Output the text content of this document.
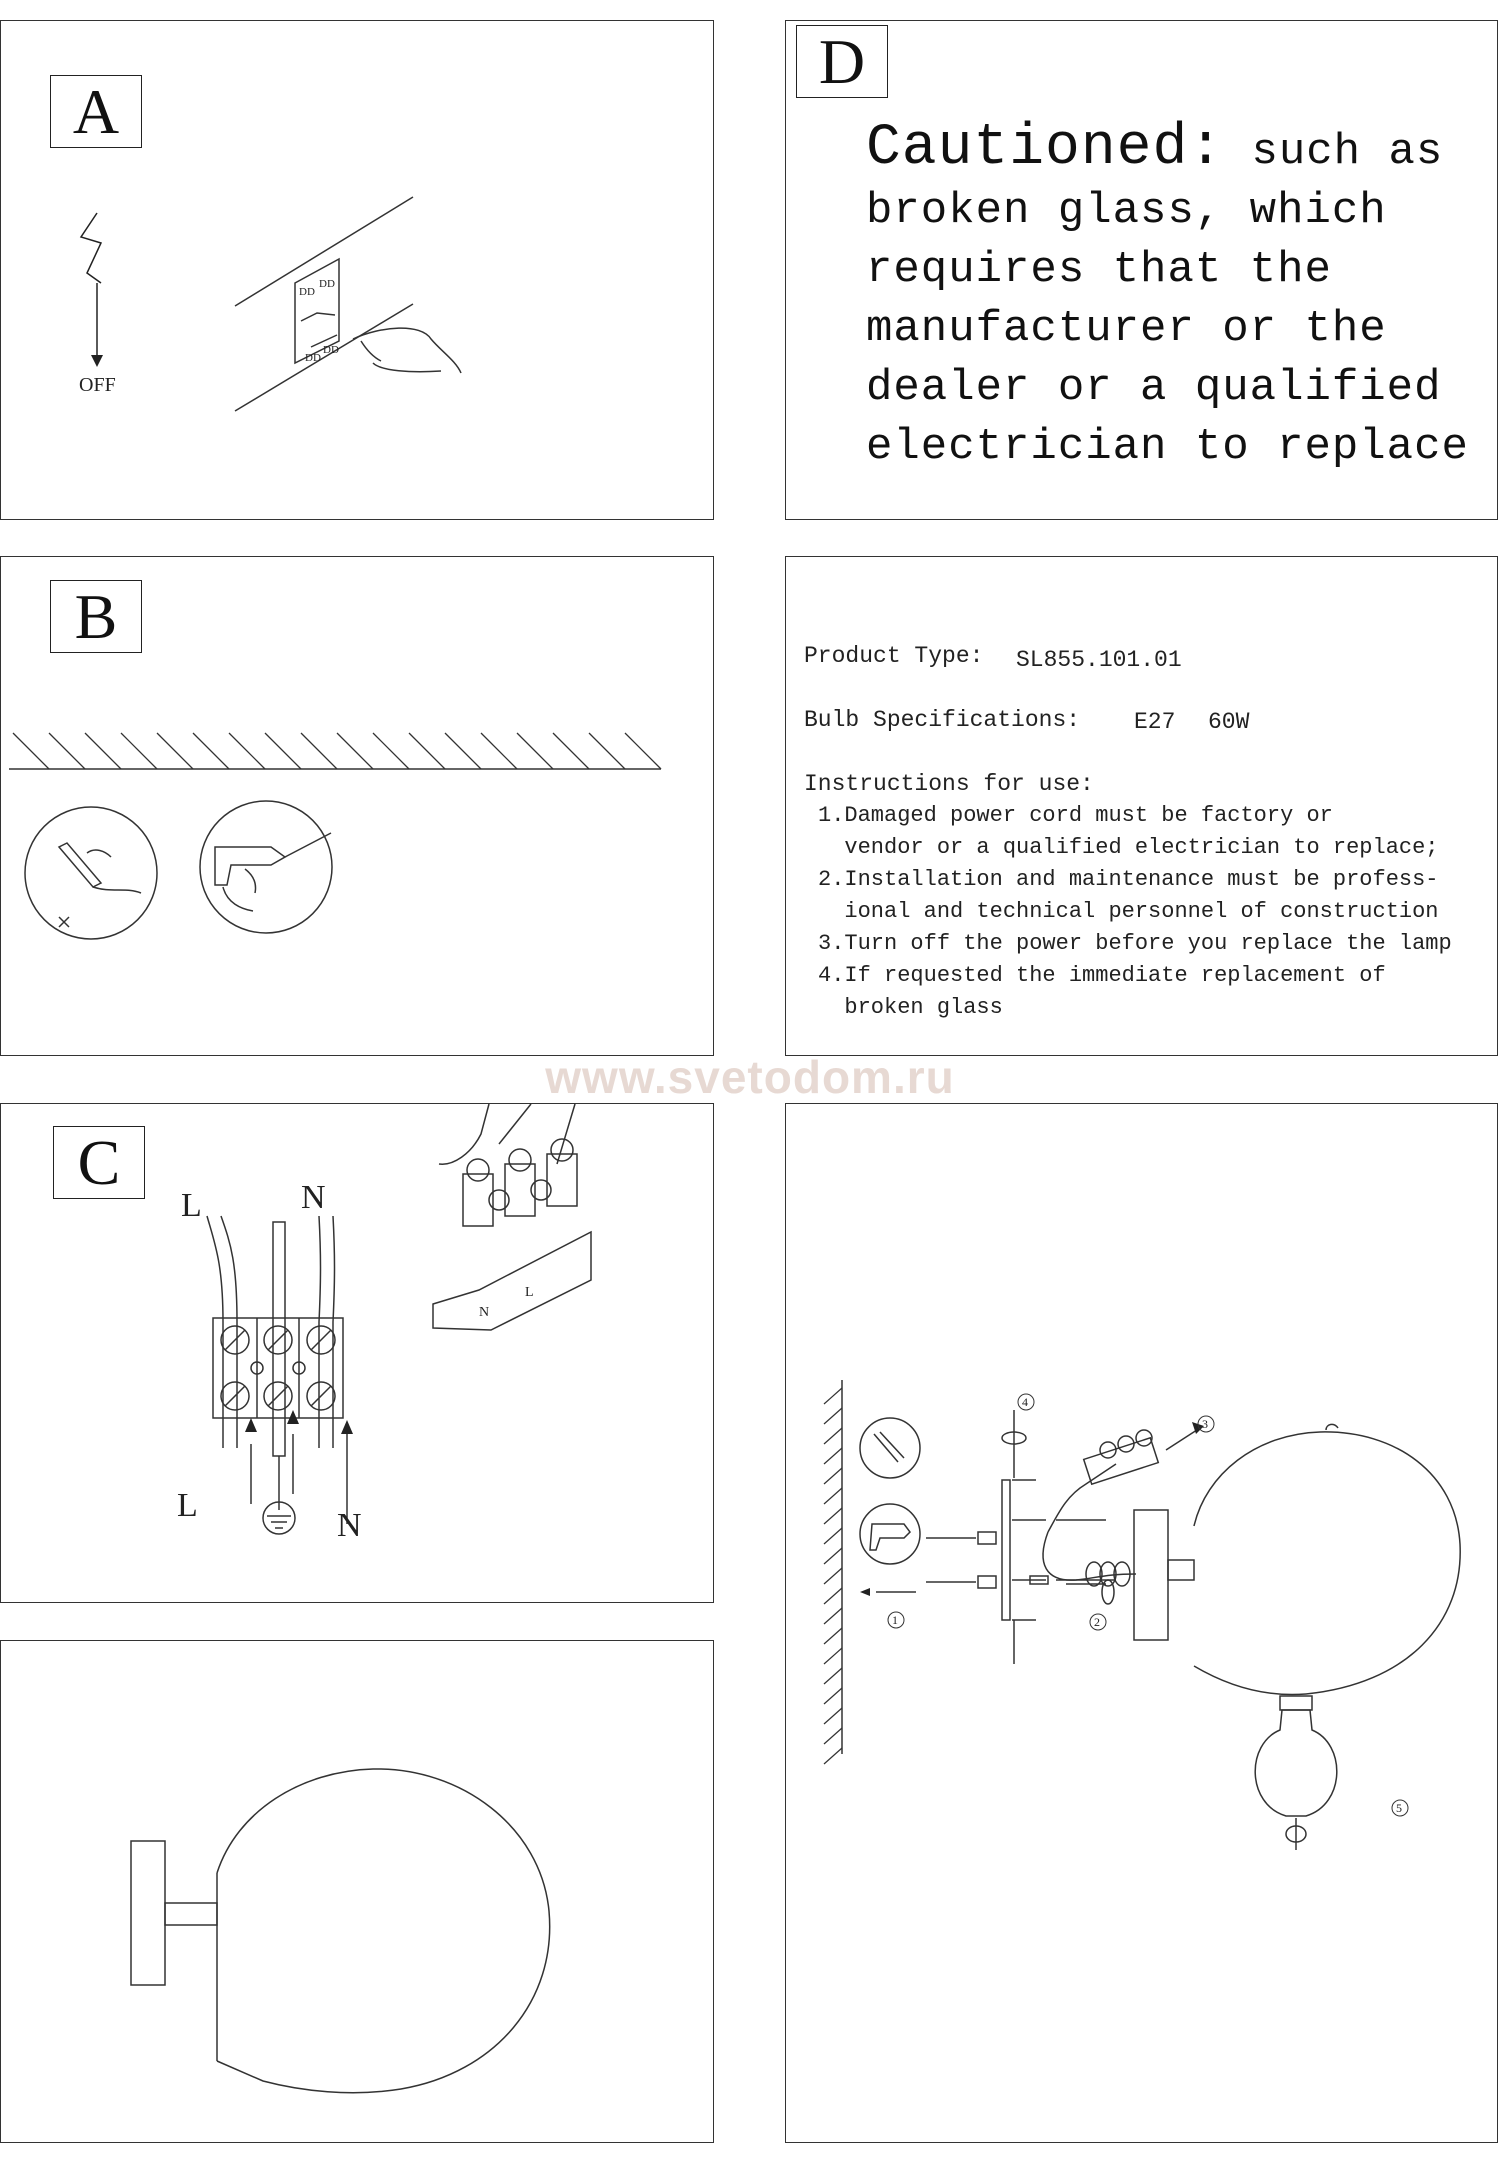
A
DD
DD
DD
DD
OFF
D
Cautioned: such as
broken glass, which
requires that the
manufacturer or the
dealer or a qualified
electrician to replace
B
Product Type: SL855.101.01
Bulb Specifications: E27 60W
Instructions for use:
1.Damaged power cord must be factory or
vendor or a qualified electrician to replace;
2.Installation and maintenance must be profess-
ional and technical personnel of construction
3.Turn off the power before you replace the lamp
4.If requested the immediate replacement of
broken glass
www.svetodom.ru
C
L	N
L
N
N
L
1	2
3
4
5
